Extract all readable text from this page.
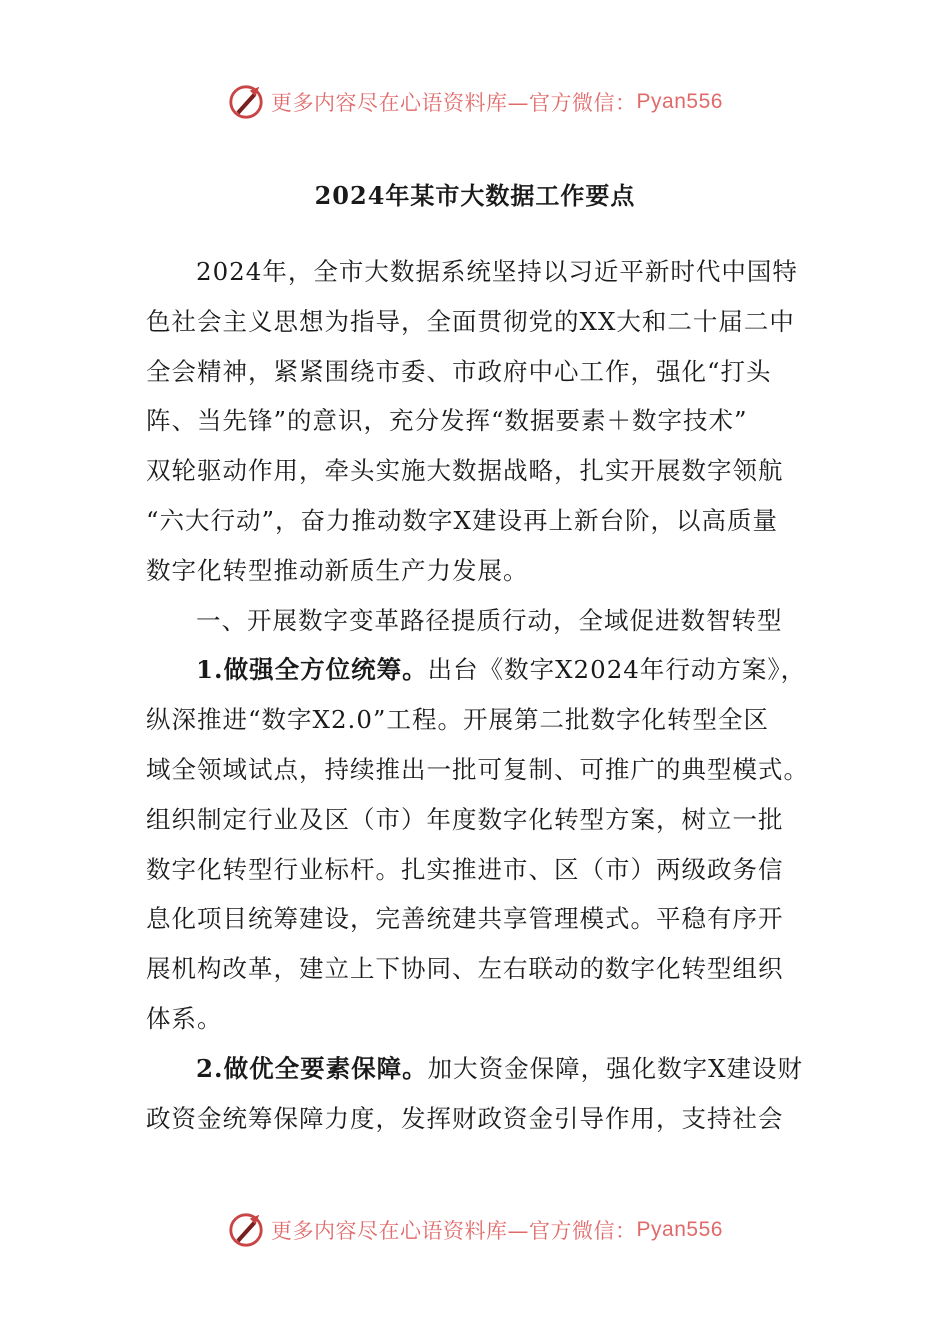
更多内容尽在心语资料库—官方微信： Pyan556
2024年某市大数据工作要点
2024年，全市大数据系统坚持以习近平新时代中国特
色社会主义思想为指导，全面贯彻党的XX大和二十届二中
全会精神，紧紧围绕市委、市政府中心工作，强化“打头
阵、当先锋”的意识，充分发挥“数据要素＋数字技术”
双轮驱动作用，牵头实施大数据战略，扎实开展数字领航
“六大行动”，奋力推动数字X建设再上新台阶，以高质量
数字化转型推动新质生产力发展。
一、开展数字变革路径提质行动，全域促进数智转型
1.做强全方位统筹。出台《数字X2024年行动方案》，
纵深推进“数字X2.0”工程。开展第二批数字化转型全区
域全领域试点，持续推出一批可复制、可推广的典型模式。
组织制定行业及区（市）年度数字化转型方案，树立一批
数字化转型行业标杆。扎实推进市、区（市）两级政务信
息化项目统筹建设，完善统建共享管理模式。平稳有序开
展机构改革，建立上下协同、左右联动的数字化转型组织
体系。
2.做优全要素保障。加大资金保障，强化数字X建设财
政资金统筹保障力度，发挥财政资金引导作用，支持社会
更多内容尽在心语资料库—官方微信： Pyan556
